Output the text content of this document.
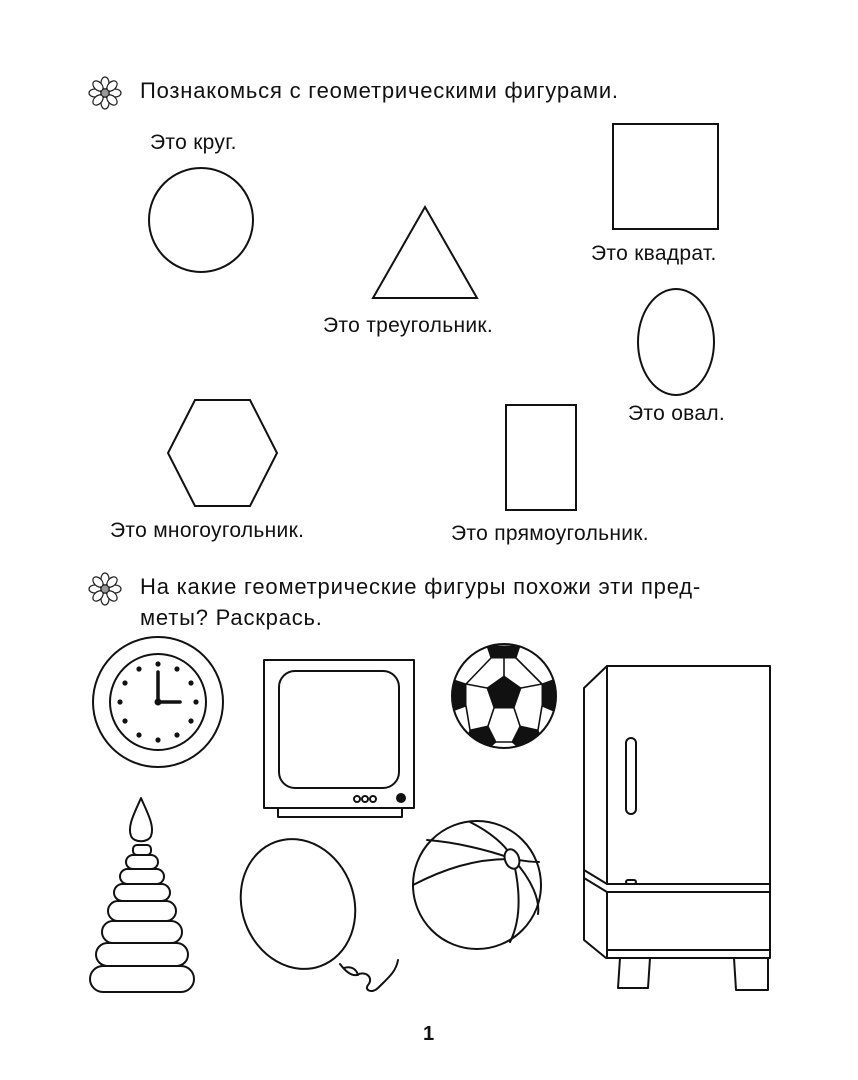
Познакомься с геометрическими фигурами.
Это круг.
Это треугольник.
Это квадрат.
Это овал.
Это многоугольник.	Это прямоугольник.
На какие геометрические фигуры похожи эти пред-
меты? Раскрась.
1
